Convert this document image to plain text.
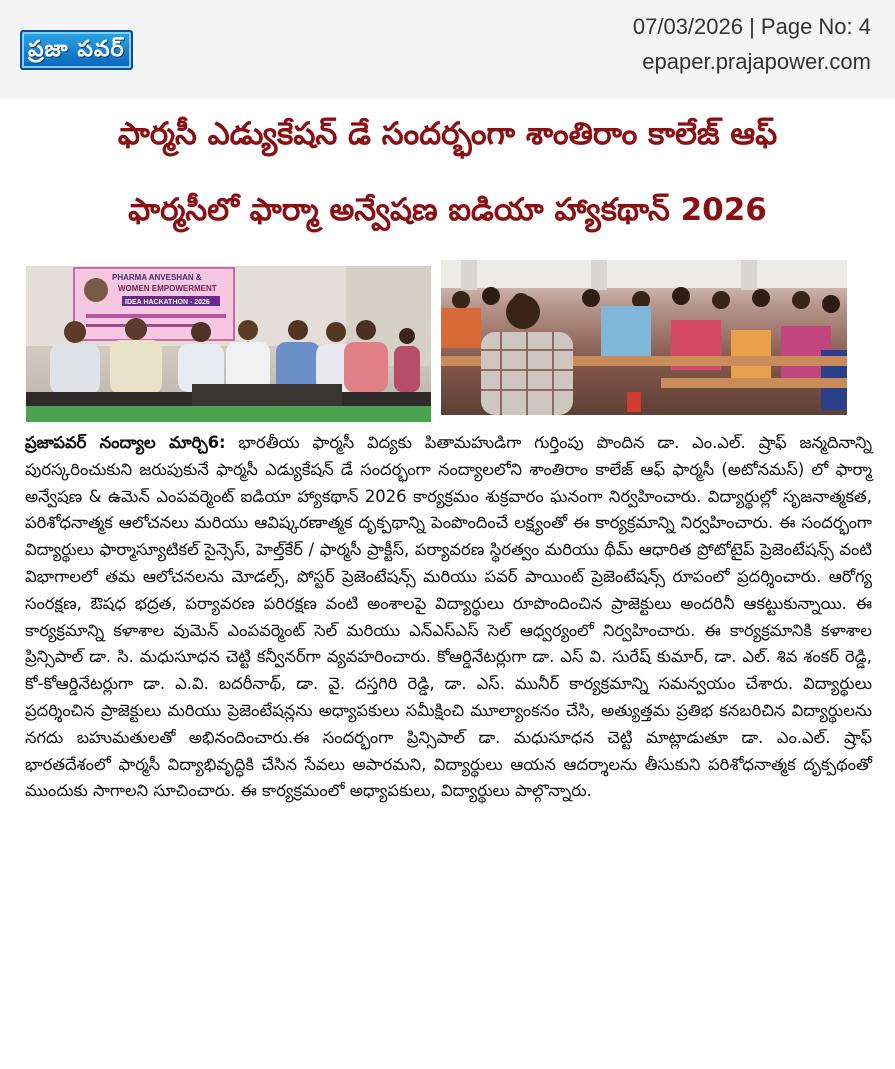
ప్రజా పవర్
07/03/2026 | Page No: 4
epaper.prajapower.com
ఫార్మసీ ఎడ్యుకేషన్ డే సందర్భంగా శాంతిరాం కాలేజ్ ఆఫ్
ఫార్మసీలో ఫార్మా అన్వేషణ ఐడియా హ్యాకథాన్ 2026
PHARMA ANVESHAN &
WOMEN EMPOWERMENT
IDEA HACKATHON - 2026
ప్రజాపవర్ నంద్యాల మార్చి6: భారతీయ ఫార్మసీ విద్యకు పితామహుడిగా గుర్తింపు పొందిన డా. ఎం.ఎల్. ష్రాఫ్ జన్మదినాన్ని పురస్కరించుకుని జరుపుకునే ఫార్మసీ ఎడ్యుకేషన్ డే సందర్భంగా నంద్యాలలోని శాంతిరాం కాలేజ్ ఆఫ్ ఫార్మసీ (అటోనమస్) లో ఫార్మా అన్వేషణ & ఉమెన్ ఎంపవర్మెంట్ ఐడియా హ్యాకథాన్ 2026 కార్యక్రమం శుక్రవారం ఘనంగా నిర్వహించారు. విద్యార్థుల్లో సృజనాత్మకత, పరిశోధనాత్మక ఆలోచనలు మరియు ఆవిష్కరణాత్మక దృక్పథాన్ని పెంపొందించే లక్ష్యంతో ఈ కార్యక్రమాన్ని నిర్వహించారు. ఈ సందర్భంగా విద్యార్థులు ఫార్మాస్యూటికల్ సైన్సెస్, హెల్త్‌కేర్ / ఫార్మసీ ప్రాక్టీస్, పర్యావరణ స్థిరత్వం మరియు థీమ్ ఆధారిత ప్రోటోటైప్ ప్రెజెంటేషన్స్ వంటి విభాగాలలో తమ ఆలోచనలను మోడల్స్, పోస్టర్ ప్రెజెంటేషన్స్ మరియు పవర్ పాయింట్ ప్రెజెంటేషన్స్ రూపంలో ప్రదర్శించారు. ఆరోగ్య సంరక్షణ, ఔషధ భద్రత, పర్యావరణ పరిరక్షణ వంటి అంశాలపై విద్యార్థులు రూపొందించిన ప్రాజెక్టులు అందరినీ ఆకట్టుకున్నాయి. ఈ కార్యక్రమాన్ని కళాశాల వుమెన్ ఎంపవర్మెంట్ సెల్ మరియు ఎన్ఎస్ఎస్ సెల్ ఆధ్వర్యంలో నిర్వహించారు. ఈ కార్యక్రమానికి కళాశాల ప్రిన్సిపాల్ డా. సి. మధుసూధన చెట్టి కన్వీనర్‌గా వ్యవహరించారు. కోఆర్డినేటర్లుగా డా. ఎస్ వి. సురేష్ కుమార్, డా. ఎల్. శివ శంకర్ రెడ్డి, కో-కోఆర్డినేటర్లుగా డా. ఎ.వి. బదరీనాథ్, డా. వై. దస్తగిరి రెడ్డి, డా. ఎస్. మునీర్ కార్యక్రమాన్ని సమన్వయం చేశారు. విద్యార్థులు ప్రదర్శించిన ప్రాజెక్టులు మరియు ప్రెజెంటేషన్లను అధ్యాపకులు సమీక్షించి మూల్యాంకనం చేసి, అత్యుత్తమ ప్రతిభ కనబరిచిన విద్యార్థులను నగదు బహుమతులతో అభినందించారు.ఈ సందర్భంగా ప్రిన్సిపాల్ డా. మధుసూధన చెట్టి మాట్లాడుతూ డా. ఎం.ఎల్. ష్రాఫ్ భారతదేశంలో ఫార్మసీ విద్యాభివృద్ధికి చేసిన సేవలు అపారమని, విద్యార్థులు ఆయన ఆదర్శాలను తీసుకుని పరిశోధనాత్మక దృక్పథంతో ముందుకు సాగాలని సూచించారు. ఈ కార్యక్రమంలో అధ్యాపకులు, విద్యార్థులు పాల్గొన్నారు.
